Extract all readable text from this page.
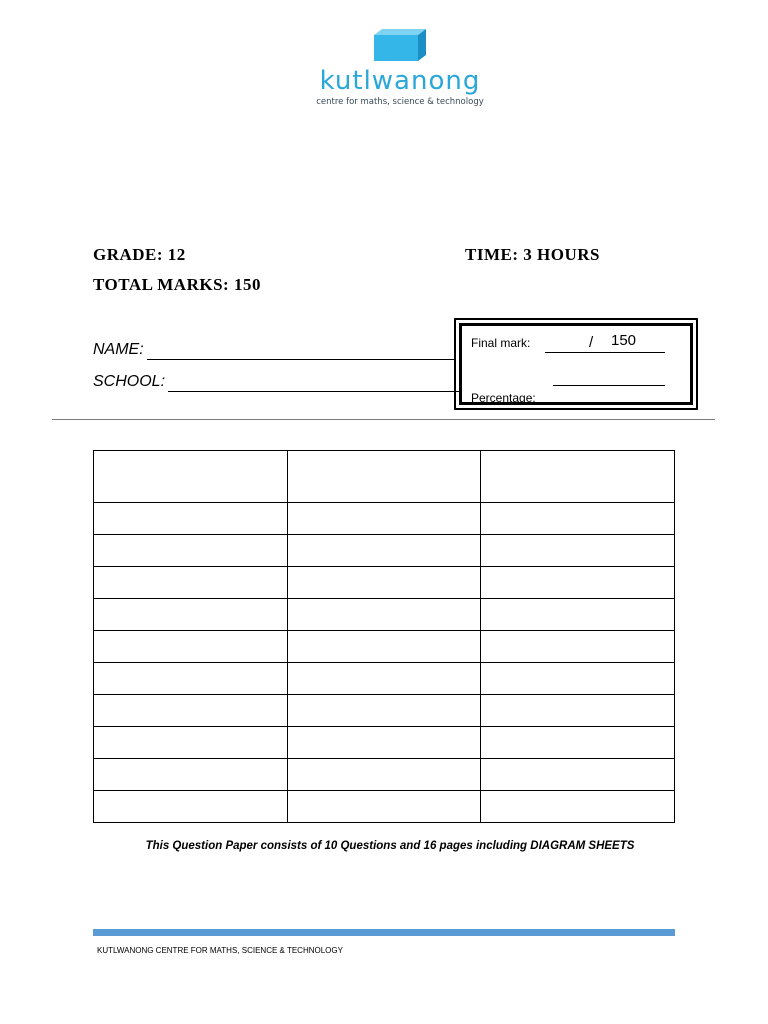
kutlwanong
centre for maths, science & technology
GRADE: 12	TIME: 3 HOURS
TOTAL MARKS: 150
NAME:
SCHOOL:
Final mark:	/ 150
Percentage:

This Question Paper consists of 10 Questions and 16 pages including DIAGRAM SHEETS
KUTLWANONG CENTRE FOR MATHS, SCIENCE & TECHNOLOGY
